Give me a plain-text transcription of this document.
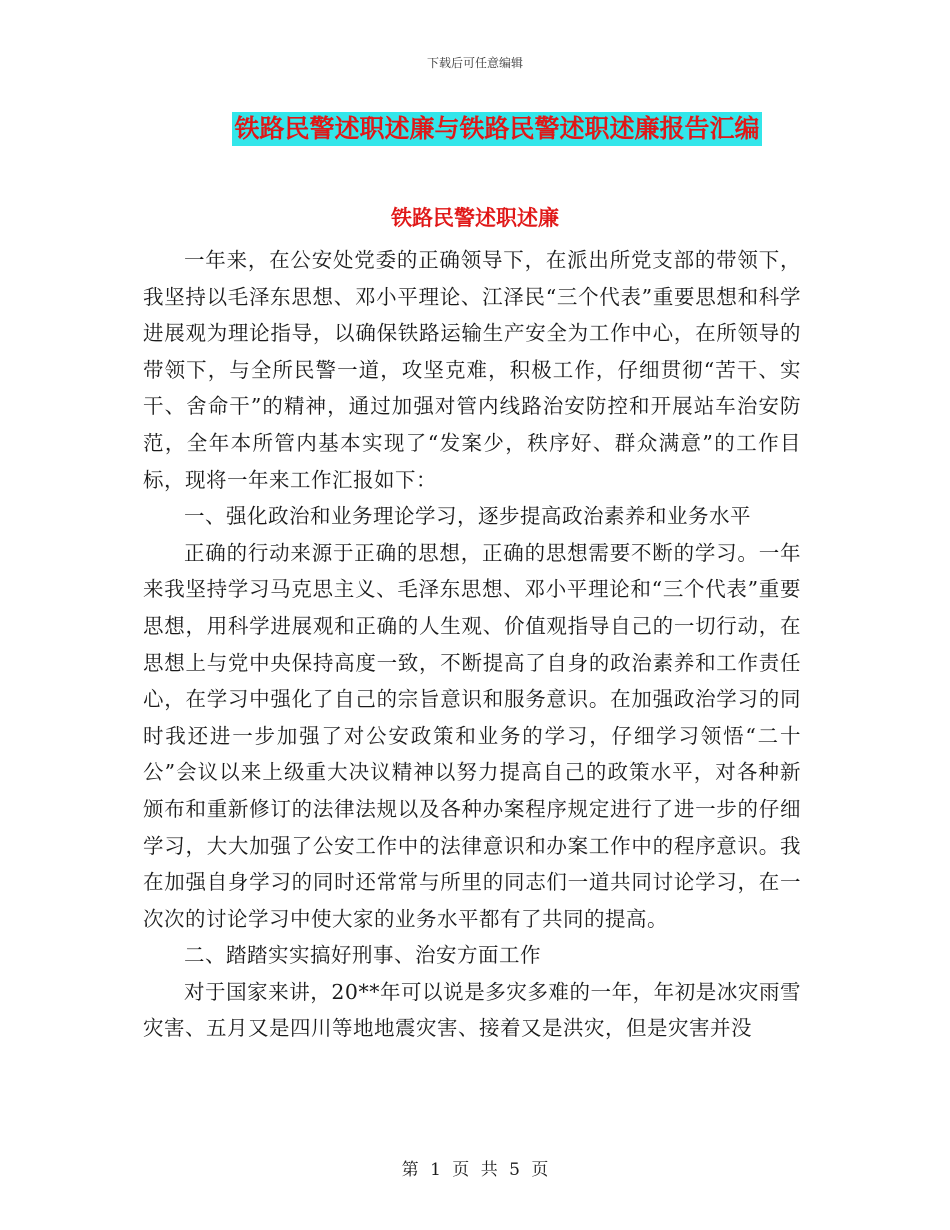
下载后可任意编辑
铁路民警述职述廉与铁路民警述职述廉报告汇编
铁路民警述职述廉

一年来，在公安处党委的正确领导下，在派出所党支部的带领下，我坚持以毛泽东思想、邓小平理论、江泽民“三个代表”重要思想和科学进展观为理论指导，以确保铁路运输生产安全为工作中心，在所领导的带领下，与全所民警一道，攻坚克难，积极工作，仔细贯彻“苦干、实干、舍命干”的精神，通过加强对管内线路治安防控和开展站车治安防范，全年本所管内基本实现了“发案少，秩序好、群众满意”的工作目标，现将一年来工作汇报如下：

一、强化政治和业务理论学习，逐步提高政治素养和业务水平

正确的行动来源于正确的思想，正确的思想需要不断的学习。一年来我坚持学习马克思主义、毛泽东思想、邓小平理论和“三个代表”重要思想，用科学进展观和正确的人生观、价值观指导自己的一切行动，在思想上与党中央保持高度一致，不断提高了自身的政治素养和工作责任心，在学习中强化了自己的宗旨意识和服务意识。在加强政治学习的同时我还进一步加强了对公安政策和业务的学习，仔细学习领悟“二十公”会议以来上级重大决议精神以努力提高自己的政策水平，对各种新颁布和重新修订的法律法规以及各种办案程序规定进行了进一步的仔细学习，大大加强了公安工作中的法律意识和办案工作中的程序意识。我在加强自身学习的同时还常常与所里的同志们一道共同讨论学习，在一次次的讨论学习中使大家的业务水平都有了共同的提高。

二、踏踏实实搞好刑事、治安方面工作

对于国家来讲，20**年可以说是多灾多难的一年，年初是冰灾雨雪灾害、五月又是四川等地地震灾害、接着又是洪灾，但是灾害并没

第 1 页 共 5 页
